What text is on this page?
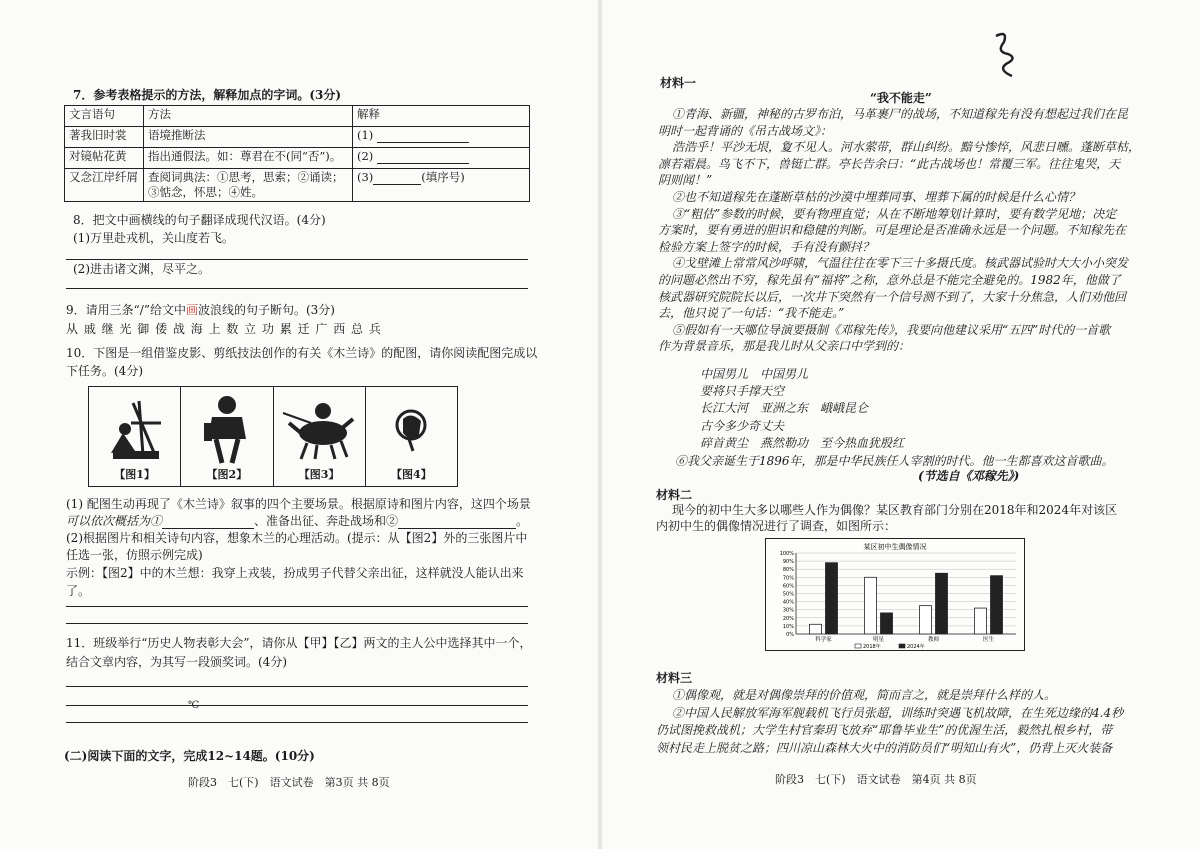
7．参考表格提示的方法，解释加点的字词。(3分)
文言语句	方法	解释
著我旧时裳	语境推断法	(1)
对镜帖花黄	指出通假法。如：尊君在不(同“否”)。	(2)
又念江岸纤屑	查阅词典法：①思考，思索；②诵读；
③惦念，怀思；④姓。	(3) (填序号)
8．把文中画横线的句子翻译成现代汉语。(4分)
(1)万里赴戎机，关山度若飞。
(2)进击诸文渊，尽平之。
9．请用三条“/”给文中画波浪线的句子断句。(3分)
从 戚 继 光 御 倭 战 海 上 数 立 功 累 迁 广 西 总 兵
10．下图是一组借鉴皮影、剪纸技法创作的有关《木兰诗》的配图，请你阅读配图完成以
下任务。(4分)
【图1】	【图2】	【图3】	【图4】
(1) 配图生动再现了《木兰诗》叙事的四个主要场景。根据原诗和图片内容，这四个场景
可以依次概括为①	、准备出征、奔赴战场和②	。
(2)根据图片和相关诗句内容，想象木兰的心理活动。(提示：从【图2】外的三张图片中
任选一张，仿照示例完成)
示例：【图2】中的木兰想：我穿上戎装，扮成男子代替父亲出征，这样就没人能认出来
了。
11．班级举行“历史人物表彰大会”，请你从【甲】【乙】两文的主人公中选择其中一个，
结合文章内容，为其写一段颁奖词。(4分)
℃
(二)阅读下面的文字，完成12~14题。(10分)
阶段3　七(下)　语文试卷　第3页 共 8页
材料一
“我不能走”
①青海、新疆，神秘的古罗布泊，马革裹尸的战场，不知道稼先有没有想起过我们在昆
明时一起背诵的《吊古战场文》：
浩浩乎！平沙无垠，夐不见人。河水萦带，群山纠纷。黯兮惨悴，风悲日曛。蓬断草枯，
凛若霜晨。鸟飞不下，兽铤亡群。亭长告余曰：“此古战场也！常覆三军。往往鬼哭，天
阴则闻！”
②也不知道稼先在蓬断草枯的沙漠中埋葬同事、埋葬下属的时候是什么心情？
③“粗估”参数的时候，要有物理直觉；从在不断地筹划计算时，要有数学见地；决定
方案时，要有勇进的胆识和稳健的判断。可是理论是否准确永远是一个问题。不知稼先在
检验方案上签字的时候，手有没有颤抖？
④戈壁滩上常常风沙呼啸，气温往往在零下三十多摄氏度。核武器试验时大大小小突发
的问题必然出不穷，稼先虽有“福将”之称，意外总是不能完全避免的。1982年，他做了
核武器研究院院长以后，一次井下突然有一个信号测不到了，大家十分焦急，人们劝他回
去，他只说了一句话：“我不能走。”
⑤假如有一天哪位导演要摄制《邓稼先传》，我要向他建议采用“五四”时代的一首歌
作为背景音乐，那是我儿时从父亲口中学到的：
中国男儿　中国男儿
要将只手撑天空
长江大河　亚洲之东　峨峨昆仑
古今多少奇丈夫
碎首黄尘　燕然勒功　至今热血犹殷红
⑥我父亲诞生于1896年，那是中华民族任人宰割的时代。他一生都喜欢这首歌曲。
(节选自《邓稼先》)
材料二
现今的初中生大多以哪些人作为偶像？某区教育部门分别在2018年和2024年对该区
内初中生的偶像情况进行了调查，如图所示：
某区初中生偶像情况
0%
10%
20%
30%
40%
50%
60%
70%
80%
90%
100%
科学家	明星	教师	医生
2018年	2024年
材料三
①偶像观，就是对偶像崇拜的价值观，简而言之，就是崇拜什么样的人。
②中国人民解放军海军舰载机飞行员张超，训练时突遇飞机故障，在生死边缘的4.4秒
仍试图挽救战机；大学生村官秦玥飞放弃“耶鲁毕业生”的优渥生活，毅然扎根乡村，带
领村民走上脱贫之路；四川凉山森林大火中的消防员们“明知山有火”，仍背上灭火装备
阶段3　七(下)　语文试卷　第4页 共 8页
